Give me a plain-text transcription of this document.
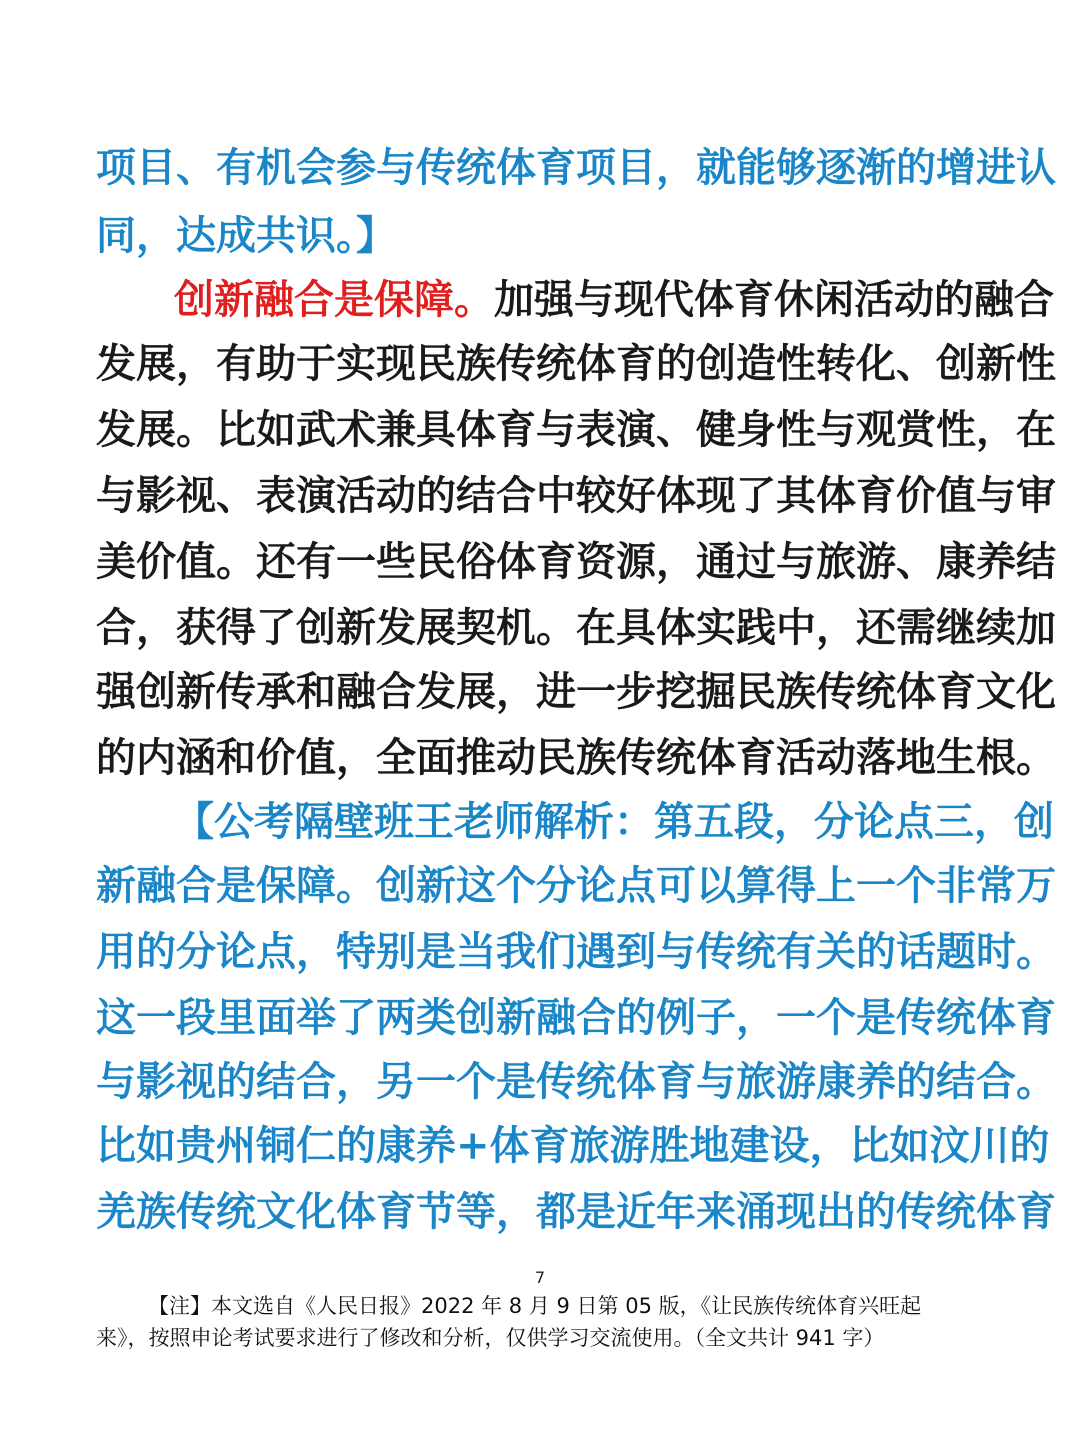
项目、有机会参与传统体育项目，就能够逐渐的增进认
同，达成共识。】
创新融合是保障。加强与现代体育休闲活动的融合
发展，有助于实现民族传统体育的创造性转化、创新性
发展。比如武术兼具体育与表演、健身性与观赏性，在
与影视、表演活动的结合中较好体现了其体育价值与审
美价值。还有一些民俗体育资源，通过与旅游、康养结
合，获得了创新发展契机。在具体实践中，还需继续加
强创新传承和融合发展，进一步挖掘民族传统体育文化
的内涵和价值，全面推动民族传统体育活动落地生根。
【公考隔壁班王老师解析：第五段，分论点三，创
新融合是保障。创新这个分论点可以算得上一个非常万
用的分论点，特别是当我们遇到与传统有关的话题时。
这一段里面举了两类创新融合的例子，一个是传统体育
与影视的结合，另一个是传统体育与旅游康养的结合。
比如贵州铜仁的康养+体育旅游胜地建设，比如汶川的
羌族传统文化体育节等，都是近年来涌现出的传统体育
7
【注】本文选自《人民日报》2022 年 8 月 9 日第 05 版，《让民族传统体育兴旺起
来》，按照申论考试要求进行了修改和分析，仅供学习交流使用。（全文共计 941 字）
